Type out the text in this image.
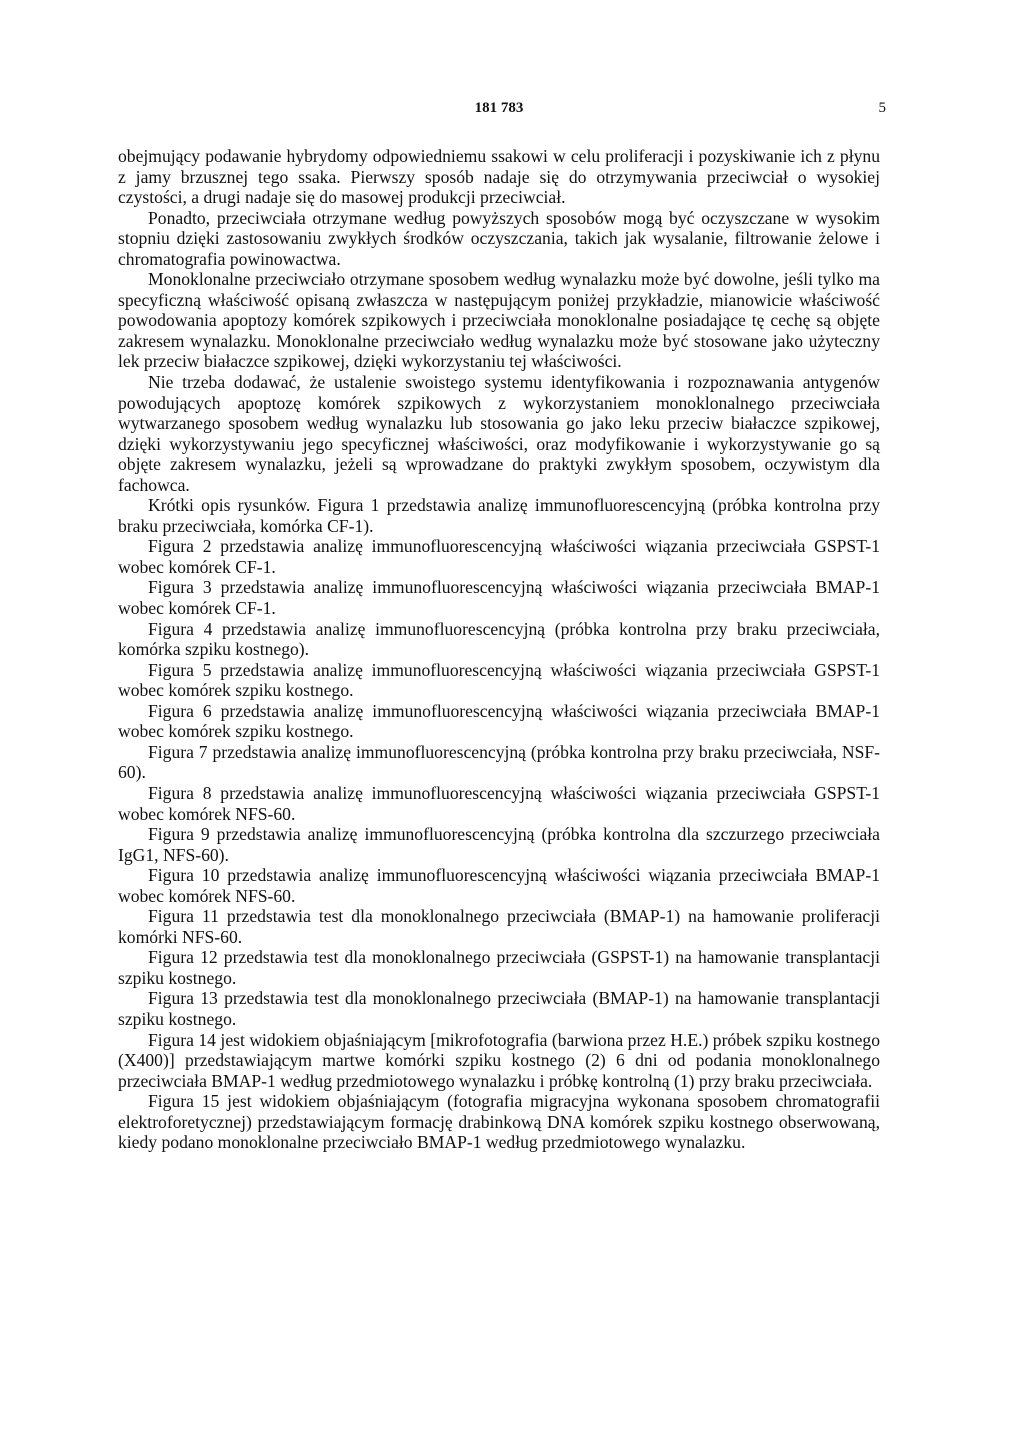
181 783	5

obejmujący podawanie hybrydomy odpowiedniemu ssakowi w celu proliferacji i pozyskiwanie ich z płynu z jamy brzusznej tego ssaka. Pierwszy sposób nadaje się do otrzymywania przeciwciał o wysokiej czystości, a drugi nadaje się do masowej produkcji przeciwciał.

Ponadto, przeciwciała otrzymane według powyższych sposobów mogą być oczyszczane w wysokim stopniu dzięki zastosowaniu zwykłych środków oczyszczania, takich jak wysalanie, filtrowanie żelowe i chromatografia powinowactwa.

Monoklonalne przeciwciało otrzymane sposobem według wynalazku może być dowolne, jeśli tylko ma specyficzną właściwość opisaną zwłaszcza w następującym poniżej przykładzie, mianowicie właściwość powodowania apoptozy komórek szpikowych i przeciwciała monoklonalne posiadające tę cechę są objęte zakresem wynalazku. Monoklonalne przeciwciało według wynalazku może być stosowane jako użyteczny lek przeciw białaczce szpikowej, dzięki wykorzystaniu tej właściwości.

Nie trzeba dodawać, że ustalenie swoistego systemu identyfikowania i rozpoznawania antygenów powodujących apoptozę komórek szpikowych z wykorzystaniem monoklonalnego przeciwciała wytwarzanego sposobem według wynalazku lub stosowania go jako leku przeciw białaczce szpikowej, dzięki wykorzystywaniu jego specyficznej właściwości, oraz modyfikowanie i wykorzystywanie go są objęte zakresem wynalazku, jeżeli są wprowadzane do praktyki zwykłym sposobem, oczywistym dla fachowca.

Krótki opis rysunków. Figura 1 przedstawia analizę immunofluorescencyjną (próbka kontrolna przy braku przeciwciała, komórka CF-1).

Figura 2 przedstawia analizę immunofluorescencyjną właściwości wiązania przeciwciała GSPST-1 wobec komórek CF-1.

Figura 3 przedstawia analizę immunofluorescencyjną właściwości wiązania przeciwciała BMAP-1 wobec komórek CF-1.

Figura 4 przedstawia analizę immunofluorescencyjną (próbka kontrolna przy braku przeciwciała, komórka szpiku kostnego).

Figura 5 przedstawia analizę immunofluorescencyjną właściwości wiązania przeciwciała GSPST-1 wobec komórek szpiku kostnego.

Figura 6 przedstawia analizę immunofluorescencyjną właściwości wiązania przeciwciała BMAP-1 wobec komórek szpiku kostnego.

Figura 7 przedstawia analizę immunofluorescencyjną (próbka kontrolna przy braku przeciwciała, NSF-60).

Figura 8 przedstawia analizę immunofluorescencyjną właściwości wiązania przeciwciała GSPST-1 wobec komórek NFS-60.

Figura 9 przedstawia analizę immunofluorescencyjną (próbka kontrolna dla szczurzego przeciwciała IgG1, NFS-60).

Figura 10 przedstawia analizę immunofluorescencyjną właściwości wiązania przeciwciała BMAP-1 wobec komórek NFS-60.

Figura 11 przedstawia test dla monoklonalnego przeciwciała (BMAP-1) na hamowanie proliferacji komórki NFS-60.

Figura 12 przedstawia test dla monoklonalnego przeciwciała (GSPST-1) na hamowanie transplantacji szpiku kostnego.

Figura 13 przedstawia test dla monoklonalnego przeciwciała (BMAP-1) na hamowanie transplantacji szpiku kostnego.

Figura 14 jest widokiem objaśniającym [mikrofotografia (barwiona przez H.E.) próbek szpiku kostnego (X400)] przedstawiającym martwe komórki szpiku kostnego (2) 6 dni od podania monoklonalnego przeciwciała BMAP-1 według przedmiotowego wynalazku i próbkę kontrolną (1) przy braku przeciwciała.

Figura 15 jest widokiem objaśniającym (fotografia migracyjna wykonana sposobem chromatografii elektroforetycznej) przedstawiającym formację drabinkową DNA komórek szpiku kostnego obserwowaną, kiedy podano monoklonalne przeciwciało BMAP-1 według przedmiotowego wynalazku.
